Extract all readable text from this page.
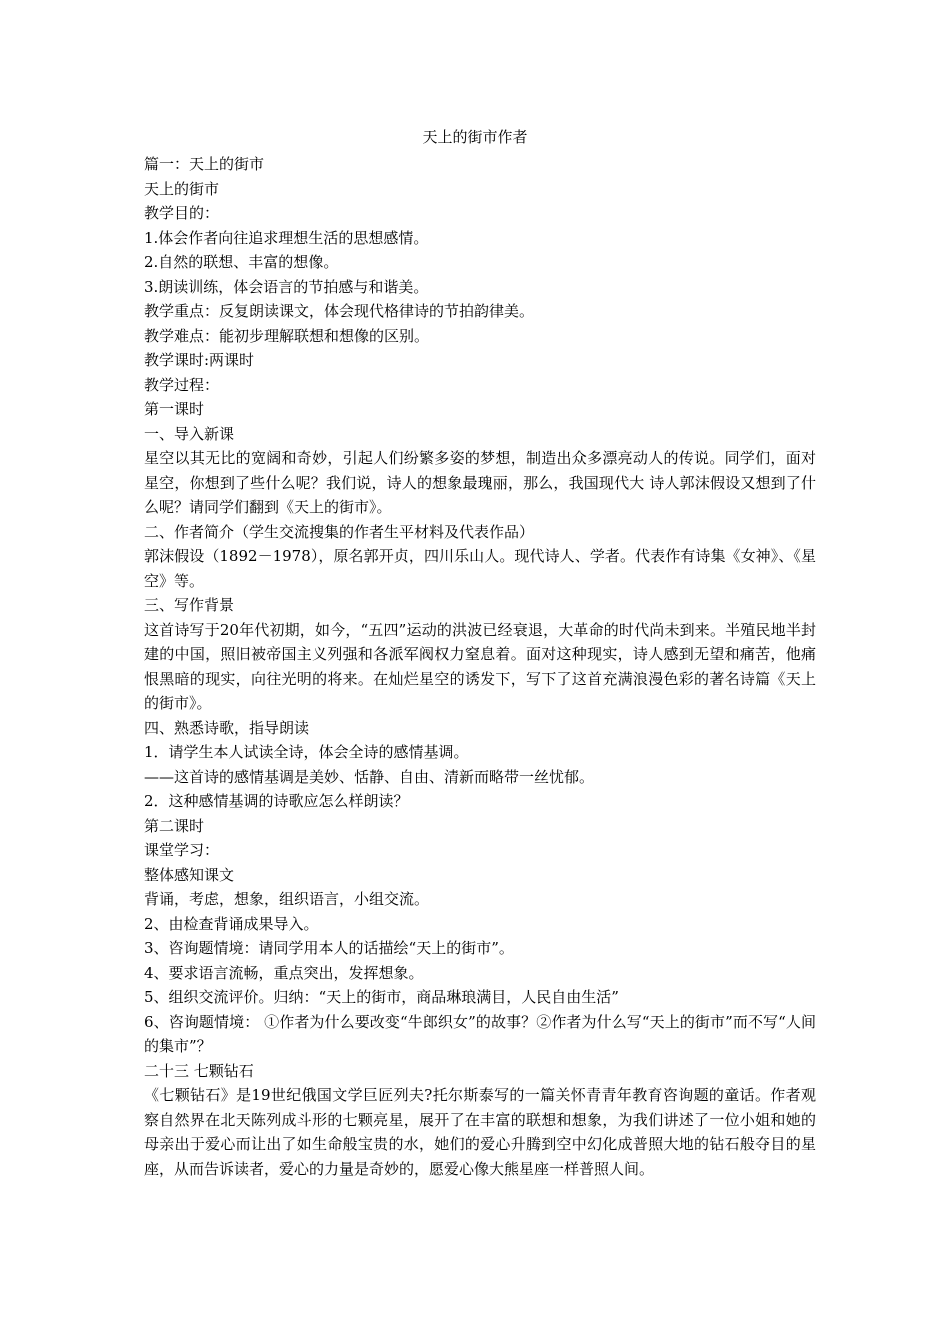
天上的街市作者

篇一：天上的街市

天上的街市

教学目的：

1.体会作者向往追求理想生活的思想感情。

2.自然的联想、丰富的想像。

3.朗读训练，体会语言的节拍感与和谐美。

教学重点：反复朗读课文，体会现代格律诗的节拍韵律美。

教学难点：能初步理解联想和想像的区别。

教学课时:两课时

教学过程：

第一课时

一、导入新课

星空以其无比的宽阔和奇妙，引起人们纷繁多姿的梦想，制造出众多漂亮动人的传说。同学们，面对星空，你想到了些什么呢？我们说，诗人的想象最瑰丽，那么，我国现代大 诗人郭沫假设又想到了什么呢？请同学们翻到《天上的街市》。

二、作者简介（学生交流搜集的作者生平材料及代表作品）

郭沫假设（1892－1978），原名郭开贞，四川乐山人。现代诗人、学者。代表作有诗集《女神》、《星空》等。

三、写作背景

这首诗写于20年代初期，如今，“五四”运动的洪波已经衰退，大革命的时代尚未到来。半殖民地半封建的中国，照旧被帝国主义列强和各派军阀权力窒息着。面对这种现实，诗人感到无望和痛苦，他痛恨黑暗的现实，向往光明的将来。在灿烂星空的诱发下，写下了这首充满浪漫色彩的著名诗篇《天上的街市》。

四、熟悉诗歌，指导朗读

1．请学生本人试读全诗，体会全诗的感情基调。

——这首诗的感情基调是美妙、恬静、自由、清新而略带一丝忧郁。

2．这种感情基调的诗歌应怎么样朗读？

第二课时

课堂学习：

整体感知课文

背诵，考虑，想象，组织语言，小组交流。

2、由检查背诵成果导入。

3、咨询题情境：请同学用本人的话描绘“天上的街市”。

4、要求语言流畅，重点突出，发挥想象。

5、组织交流评价。归纳：“天上的街市，商品琳琅满目，人民自由生活”

6、咨询题情境： ①作者为什么要改变“牛郎织女”的故事？②作者为什么写“天上的街市”而不写“人间的集市”？

二十三 七颗钻石

《七颗钻石》是19世纪俄国文学巨匠列夫?托尔斯泰写的一篇关怀青青年教育咨询题的童话。作者观察自然界在北天陈列成斗形的七颗亮星，展开了在丰富的联想和想象，为我们讲述了一位小姐和她的母亲出于爱心而让出了如生命般宝贵的水，她们的爱心升腾到空中幻化成普照大地的钻石般夺目的星座，从而告诉读者，爱心的力量是奇妙的，愿爱心像大熊星座一样普照人间。
